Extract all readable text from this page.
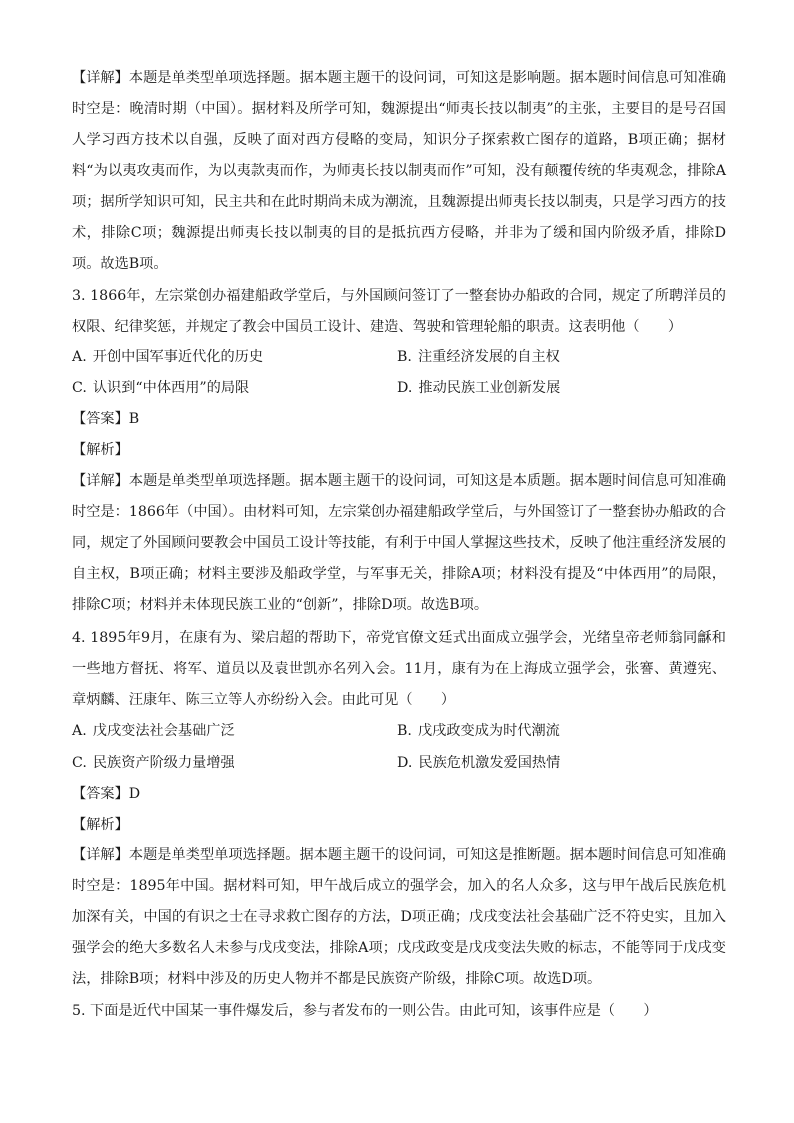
【详解】本题是单类型单项选择题。据本题主题干的设问词，可知这是影响题。据本题时间信息可知准确时空是：晚清时期（中国）。据材料及所学可知，魏源提出“师夷长技以制夷”的主张，主要目的是号召国人学习西方技术以自强，反映了面对西方侵略的变局，知识分子探索救亡图存的道路，B项正确；据材料“为以夷攻夷而作，为以夷款夷而作，为师夷长技以制夷而作”可知，没有颠覆传统的华夷观念，排除A项；据所学知识可知，民主共和在此时期尚未成为潮流，且魏源提出师夷长技以制夷，只是学习西方的技术，排除C项；魏源提出师夷长技以制夷的目的是抵抗西方侵略，并非为了缓和国内阶级矛盾，排除D项。故选B项。

3. 1866年，左宗棠创办福建船政学堂后，与外国顾问签订了一整套协办船政的合同，规定了所聘洋员的权限、纪律奖惩，并规定了教会中国员工设计、建造、驾驶和管理轮船的职责。这表明他（　　）

A. 开创中国军事近代化的历史	B. 注重经济发展的自主权
C. 认识到“中体西用”的局限	D. 推动民族工业创新发展
【答案】B
【解析】

【详解】本题是单类型单项选择题。据本题主题干的设问词，可知这是本质题。据本题时间信息可知准确时空是：1866年（中国）。由材料可知，左宗棠创办福建船政学堂后，与外国签订了一整套协办船政的合同，规定了外国顾问要教会中国员工设计等技能，有利于中国人掌握这些技术，反映了他注重经济发展的自主权，B项正确；材料主要涉及船政学堂，与军事无关，排除A项；材料没有提及“中体西用”的局限，排除C项；材料并未体现民族工业的“创新”，排除D项。故选B项。

4. 1895年9月，在康有为、梁启超的帮助下，帝党官僚文廷式出面成立强学会，光绪皇帝老师翁同龢和一些地方督抚、将军、道员以及袁世凯亦名列入会。11月，康有为在上海成立强学会，张謇、黄遵宪、章炳麟、汪康年、陈三立等人亦纷纷入会。由此可见（　　）

A. 戊戌变法社会基础广泛	B. 戊戌政变成为时代潮流
C. 民族资产阶级力量增强	D. 民族危机激发爱国热情
【答案】D
【解析】

【详解】本题是单类型单项选择题。据本题主题干的设问词，可知这是推断题。据本题时间信息可知准确时空是：1895年中国。据材料可知，甲午战后成立的强学会，加入的名人众多，这与甲午战后民族危机加深有关，中国的有识之士在寻求救亡图存的方法，D项正确；戊戌变法社会基础广泛不符史实，且加入强学会的绝大多数名人未参与戊戌变法，排除A项；戊戌政变是戊戌变法失败的标志，不能等同于戊戌变法，排除B项；材料中涉及的历史人物并不都是民族资产阶级，排除C项。故选D项。

5. 下面是近代中国某一事件爆发后，参与者发布的一则公告。由此可知，该事件应是（　　）
